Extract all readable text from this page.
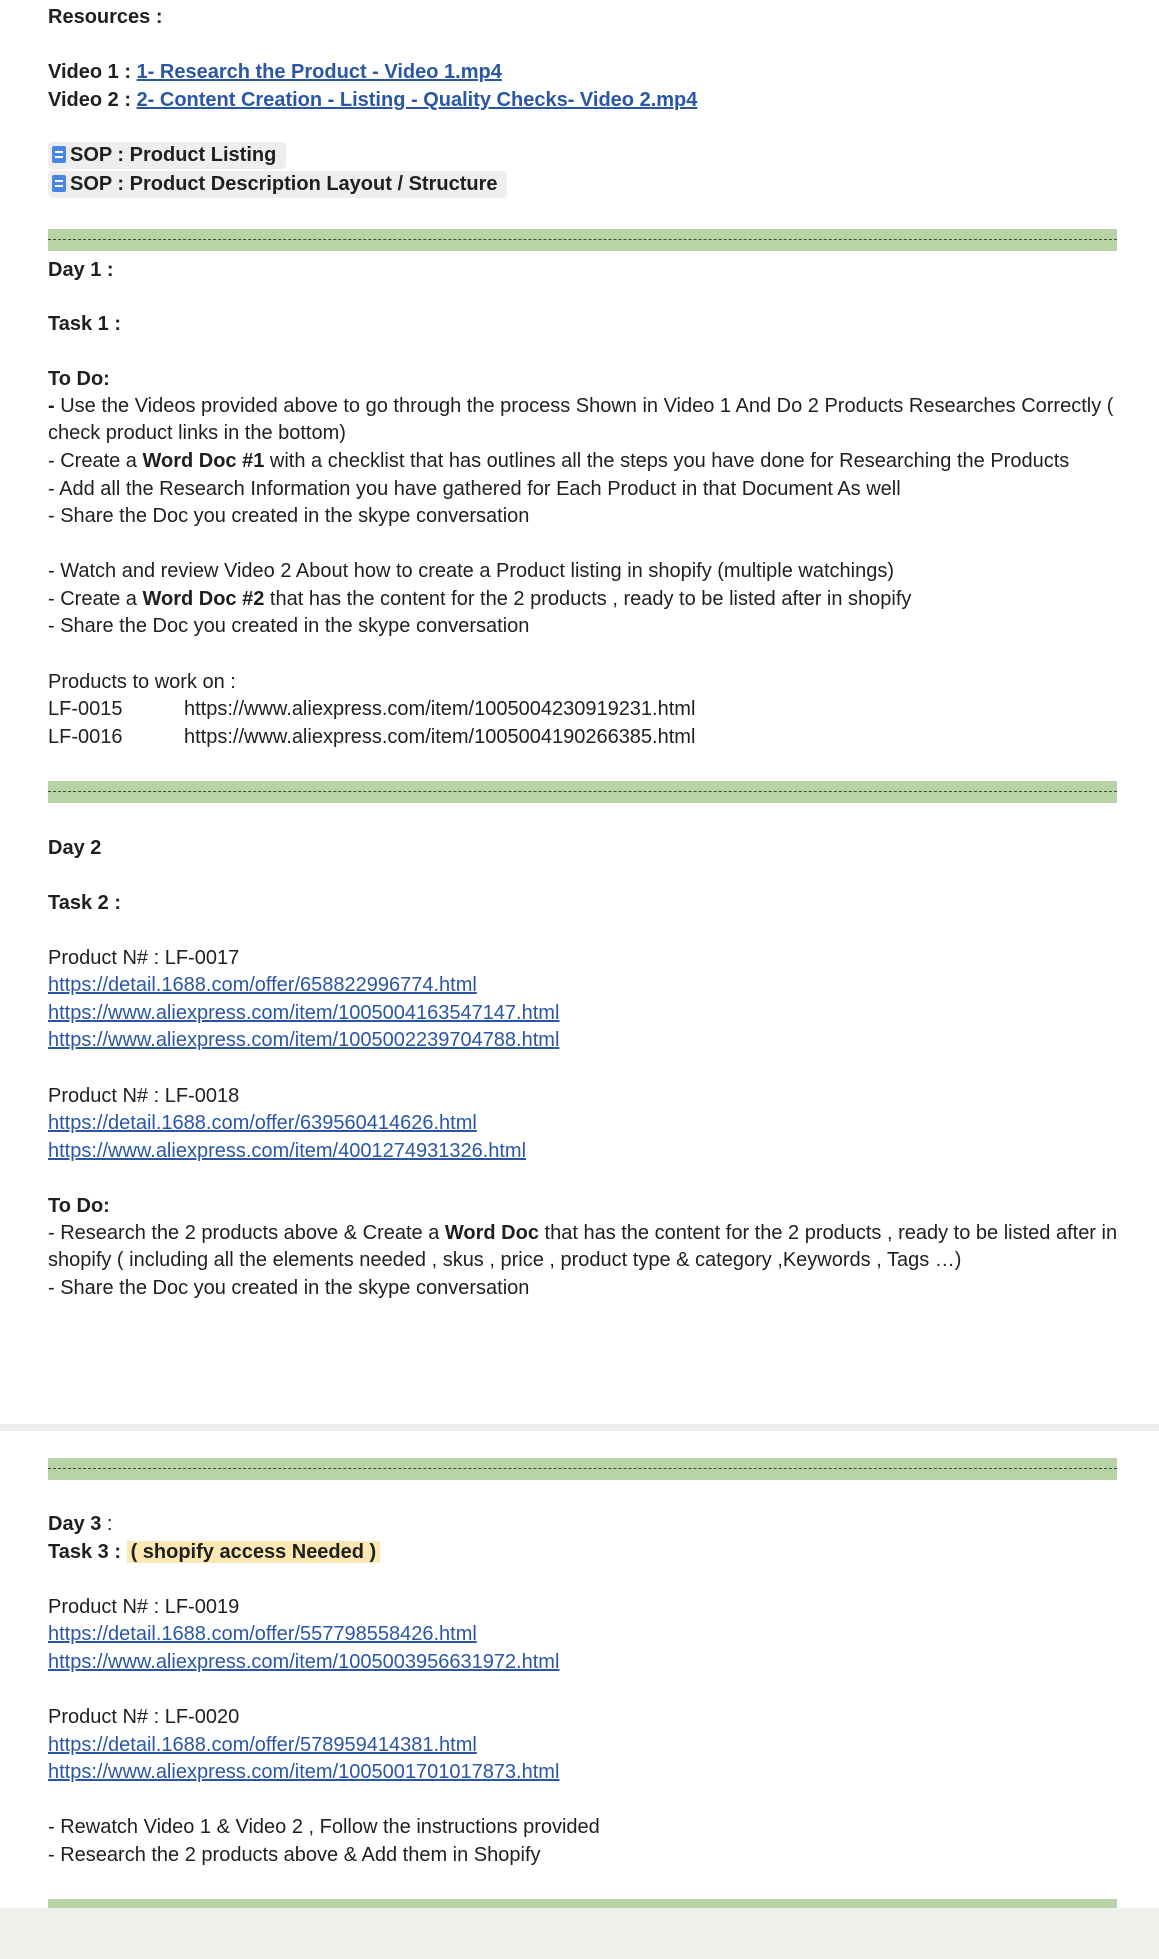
Resources :
Video 1 : 1- Research the Product - Video 1.mp4
Video 2 : 2- Content Creation - Listing - Quality Checks- Video 2.mp4
SOP : Product Listing
SOP : Product Description Layout / Structure
Day 1 :
Task 1 :
To Do:
- Use the Videos provided above to go through the process Shown in Video 1 And Do 2 Products Researches Correctly ( check product links in the bottom)
- Create a Word Doc #1 with a checklist that has outlines all the steps you have done for Researching the Products
- Add all the Research Information you have gathered for Each Product in that Document As well
- Share the Doc you created in the skype conversation
- Watch and review Video 2 About how to create a Product listing in shopify (multiple watchings)
- Create a Word Doc #2 that has the content for the 2 products , ready to be listed after in shopify
- Share the Doc you created in the skype conversation
Products to work on :
LF-0015	https://www.aliexpress.com/item/1005004230919231.html
LF-0016	https://www.aliexpress.com/item/1005004190266385.html
Day 2
Task 2 :
Product N# : LF-0017
https://detail.1688.com/offer/658822996774.html
https://www.aliexpress.com/item/1005004163547147.html
https://www.aliexpress.com/item/1005002239704788.html
Product N# : LF-0018
https://detail.1688.com/offer/639560414626.html
https://www.aliexpress.com/item/4001274931326.html
To Do:
- Research the 2 products above & Create a Word Doc that has the content for the 2 products , ready to be listed after in shopify ( including all the elements needed , skus , price , product type & category ,Keywords , Tags …)
- Share the Doc you created in the skype conversation
Day 3 :
Task 3 : ( shopify access Needed )
Product N# : LF-0019
https://detail.1688.com/offer/557798558426.html
https://www.aliexpress.com/item/1005003956631972.html
Product N# : LF-0020
https://detail.1688.com/offer/578959414381.html
https://www.aliexpress.com/item/1005001701017873.html
- Rewatch Video 1 & Video 2 , Follow the instructions provided
- Research the 2 products above & Add them in Shopify
